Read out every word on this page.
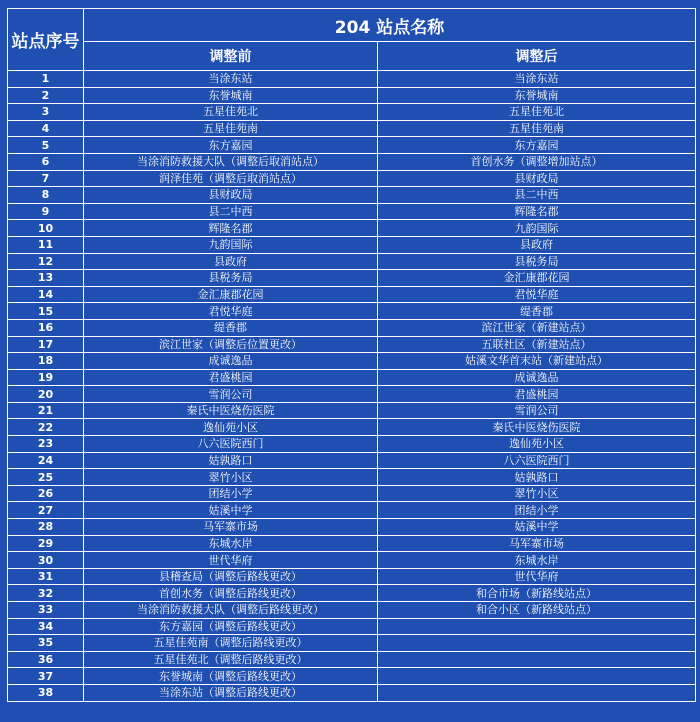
站点序号	204 站点名称	
	调整前	调整后
1	当涂东站	当涂东站
2	东誉城南	东誉城南
3	五星佳苑北	五星佳苑北
4	五星佳苑南	五星佳苑南
5	东方嘉园	东方嘉园
6	当涂消防救援大队（调整后取消站点）	首创水务（调整增加站点）
7	润泽佳苑（调整后取消站点）	县财政局
8	县财政局	县二中西
9	县二中西	辉隆名郡
10	辉隆名郡	九韵国际
11	九韵国际	县政府
12	县政府	县税务局
13	县税务局	金汇康郡花园
14	金汇康郡花园	君悦华庭
15	君悦华庭	缇香郡
16	缇香郡	滨江世家（新建站点）
17	滨江世家（调整后位置更改）	五联社区（新建站点）
18	成诚逸品	姑溪文华首末站（新建站点）
19	君盛桃园	成诚逸品
20	雪润公司	君盛桃园
21	秦氏中医烧伤医院	雪润公司
22	逸仙苑小区	秦氏中医烧伤医院
23	八六医院西门	逸仙苑小区
24	姑孰路口	八六医院西门
25	翠竹小区	姑孰路口
26	团结小学	翠竹小区
27	姑溪中学	团结小学
28	马军寨市场	姑溪中学
29	东城水岸	马军寨市场
30	世代华府	东城水岸
31	县稽查局（调整后路线更改）	世代华府
32	首创水务（调整后路线更改）	和合市场（新路线站点）
33	当涂消防救援大队（调整后路线更改）	和合小区（新路线站点）
34	东方嘉园（调整后路线更改）	
35	五星佳苑南（调整后路线更改）	
36	五星佳苑北（调整后路线更改）	
37	东誉城南（调整后路线更改）	
38	当涂东站（调整后路线更改）	
